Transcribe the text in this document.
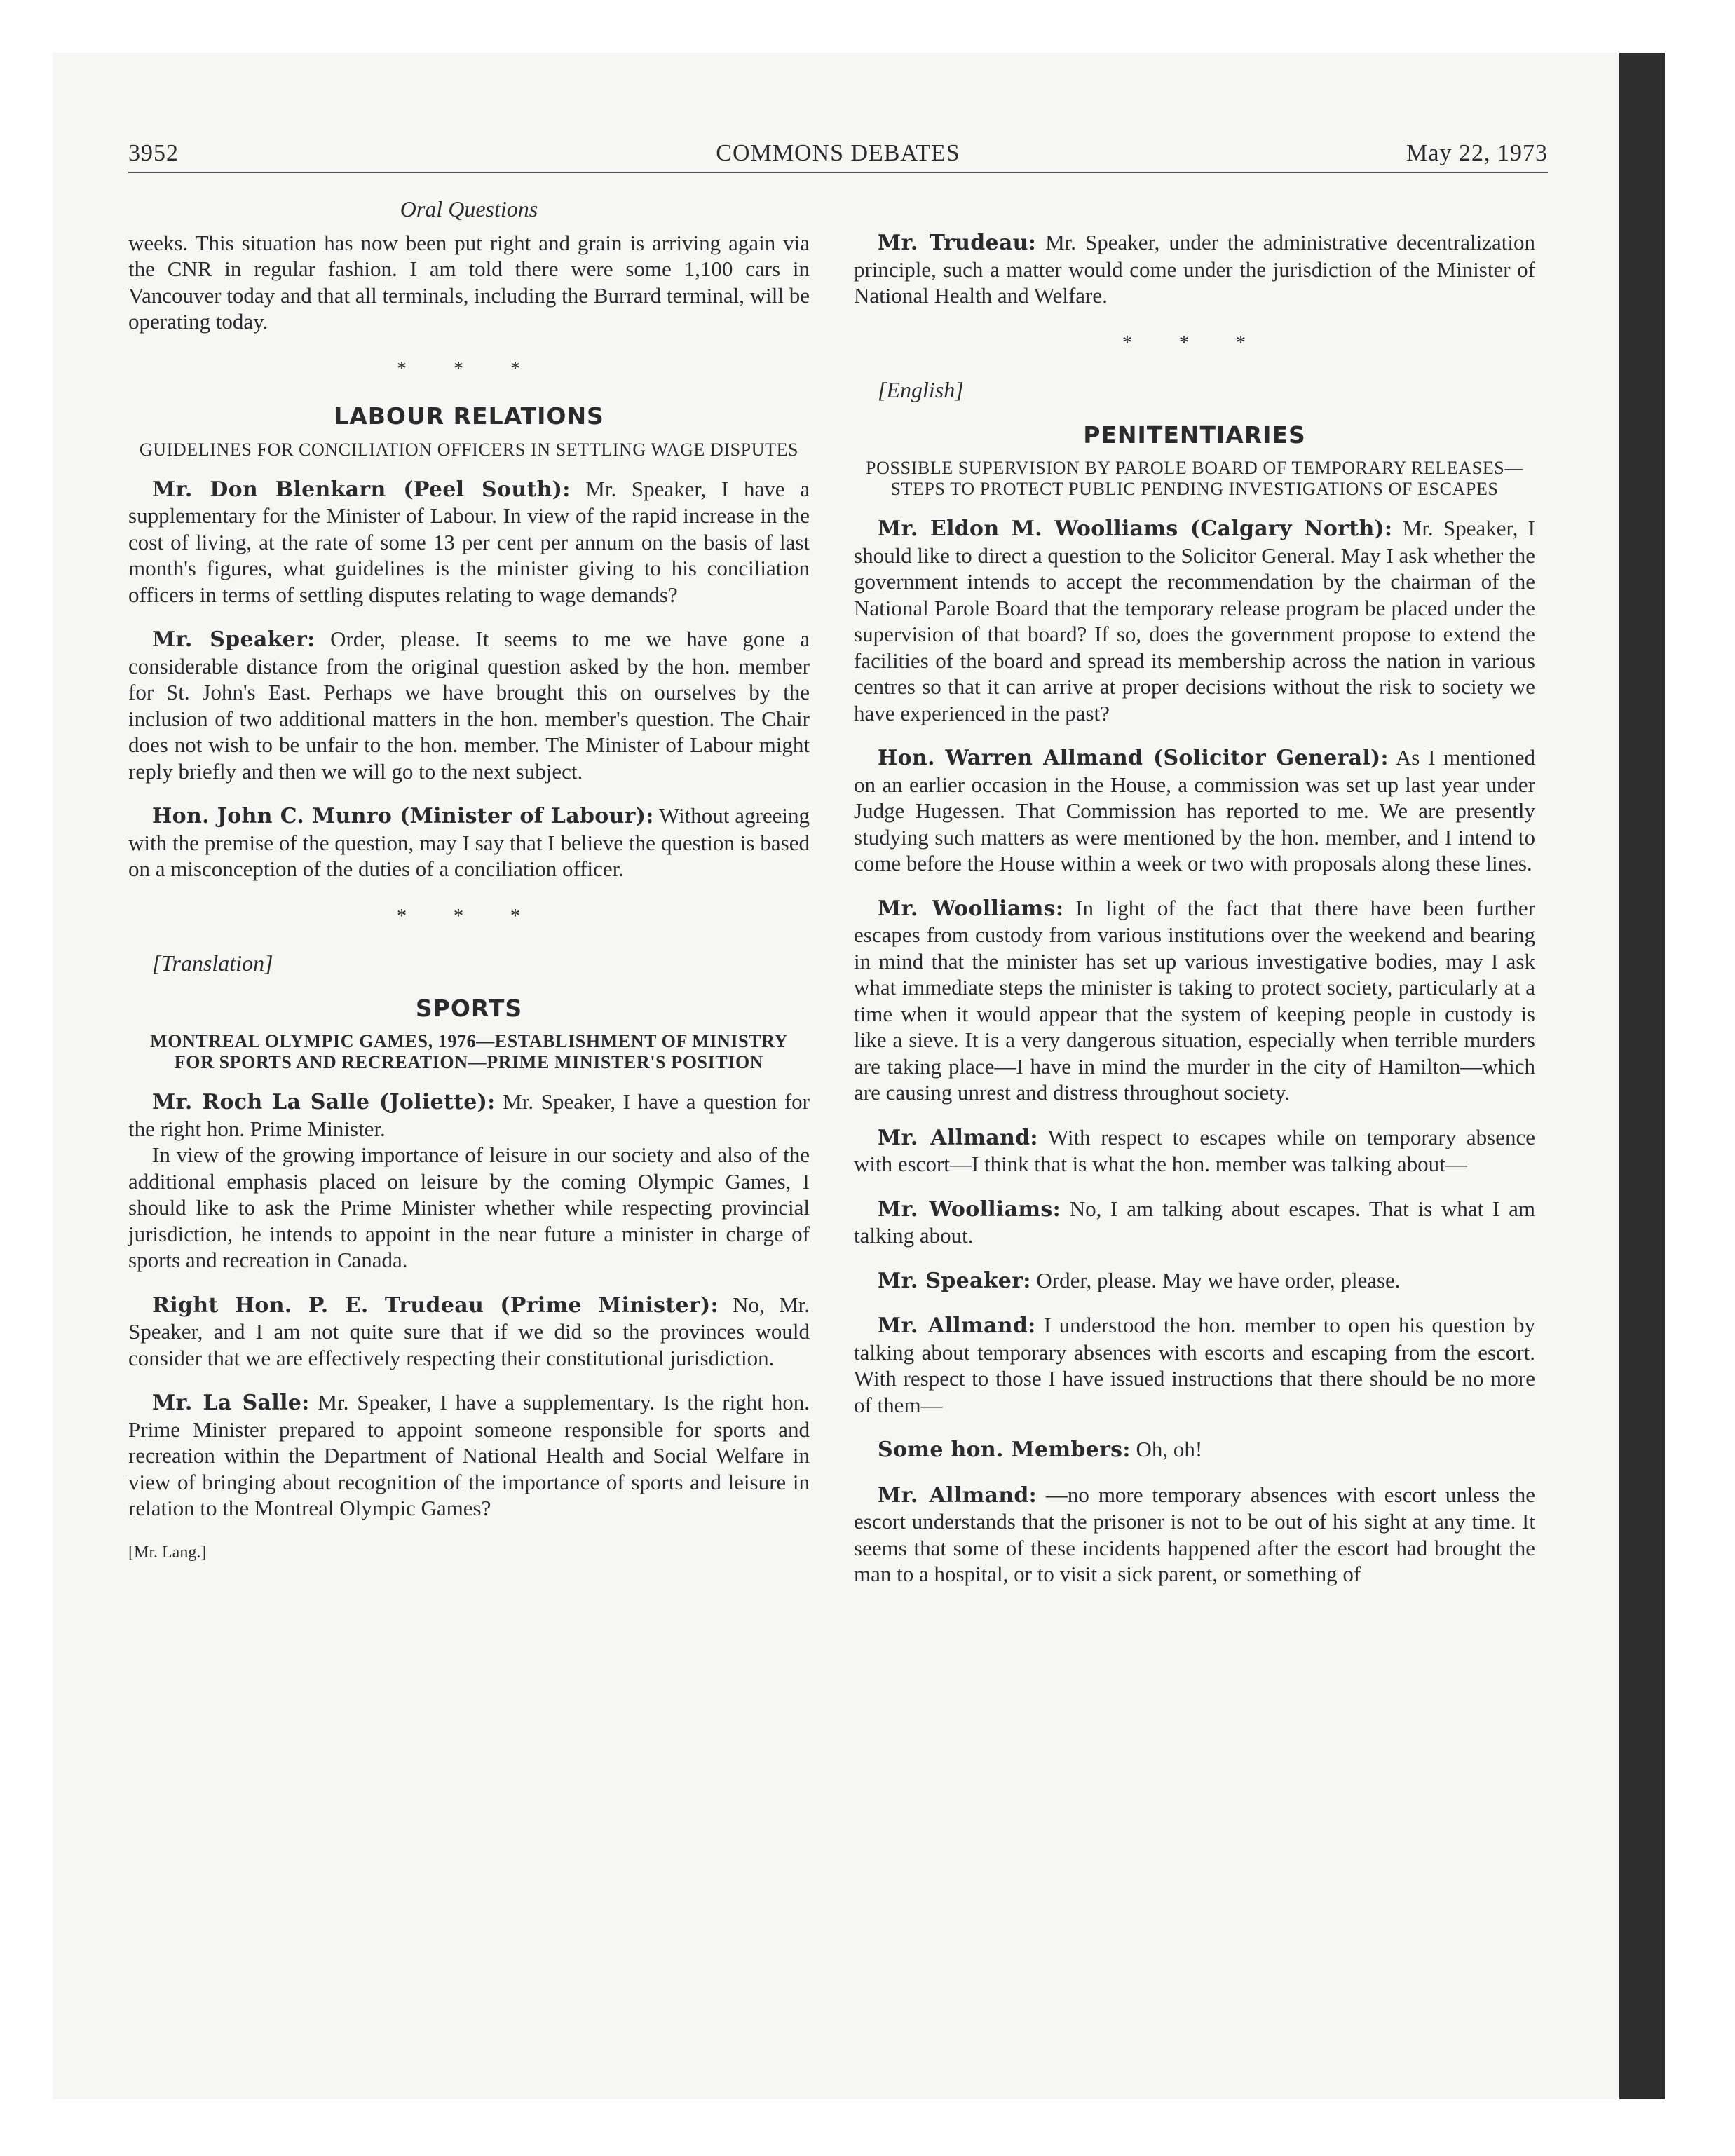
3952	COMMONS DEBATES	May 22, 1973
Oral Questions

weeks. This situation has now been put right and grain is arriving again via the CNR in regular fashion. I am told there were some 1,100 cars in Vancouver today and that all terminals, including the Burrard terminal, will be operating today.

* * *
LABOUR RELATIONS
GUIDELINES FOR CONCILIATION OFFICERS IN SETTLING WAGE DISPUTES

Mr. Don Blenkarn (Peel South): Mr. Speaker, I have a supplementary for the Minister of Labour. In view of the rapid increase in the cost of living, at the rate of some 13 per cent per annum on the basis of last month's figures, what guidelines is the minister giving to his conciliation officers in terms of settling disputes relating to wage demands?

Mr. Speaker: Order, please. It seems to me we have gone a considerable distance from the original question asked by the hon. member for St. John's East. Perhaps we have brought this on ourselves by the inclusion of two additional matters in the hon. member's question. The Chair does not wish to be unfair to the hon. member. The Minister of Labour might reply briefly and then we will go to the next subject.

Hon. John C. Munro (Minister of Labour): Without agreeing with the premise of the question, may I say that I believe the question is based on a misconception of the duties of a conciliation officer.

* * *

[Translation]

SPORTS
MONTREAL OLYMPIC GAMES, 1976—ESTABLISHMENT OF MINISTRY FOR SPORTS AND RECREATION—PRIME MINISTER'S POSITION

Mr. Roch La Salle (Joliette): Mr. Speaker, I have a question for the right hon. Prime Minister.

In view of the growing importance of leisure in our society and also of the additional emphasis placed on leisure by the coming Olympic Games, I should like to ask the Prime Minister whether while respecting provincial jurisdiction, he intends to appoint in the near future a minister in charge of sports and recreation in Canada.

Right Hon. P. E. Trudeau (Prime Minister): No, Mr. Speaker, and I am not quite sure that if we did so the provinces would consider that we are effectively respecting their constitutional jurisdiction.

Mr. La Salle: Mr. Speaker, I have a supplementary. Is the right hon. Prime Minister prepared to appoint someone responsible for sports and recreation within the Department of National Health and Social Welfare in view of bringing about recognition of the importance of sports and leisure in relation to the Montreal Olympic Games?

[Mr. Lang.]

Mr. Trudeau: Mr. Speaker, under the administrative decentralization principle, such a matter would come under the jurisdiction of the Minister of National Health and Welfare.

* * *

[English]

PENITENTIARIES
POSSIBLE SUPERVISION BY PAROLE BOARD OF TEMPORARY RELEASES—STEPS TO PROTECT PUBLIC PENDING INVESTIGATIONS OF ESCAPES

Mr. Eldon M. Woolliams (Calgary North): Mr. Speaker, I should like to direct a question to the Solicitor General. May I ask whether the government intends to accept the recommendation by the chairman of the National Parole Board that the temporary release program be placed under the supervision of that board? If so, does the government propose to extend the facilities of the board and spread its membership across the nation in various centres so that it can arrive at proper decisions without the risk to society we have experienced in the past?

Hon. Warren Allmand (Solicitor General): As I mentioned on an earlier occasion in the House, a commission was set up last year under Judge Hugessen. That Commission has reported to me. We are presently studying such matters as were mentioned by the hon. member, and I intend to come before the House within a week or two with proposals along these lines.

Mr. Woolliams: In light of the fact that there have been further escapes from custody from various institutions over the weekend and bearing in mind that the minister has set up various investigative bodies, may I ask what immediate steps the minister is taking to protect society, particularly at a time when it would appear that the system of keeping people in custody is like a sieve. It is a very dangerous situation, especially when terrible murders are taking place—I have in mind the murder in the city of Hamilton—which are causing unrest and distress throughout society.

Mr. Allmand: With respect to escapes while on temporary absence with escort—I think that is what the hon. member was talking about—

Mr. Woolliams: No, I am talking about escapes. That is what I am talking about.

Mr. Speaker: Order, please. May we have order, please.

Mr. Allmand: I understood the hon. member to open his question by talking about temporary absences with escorts and escaping from the escort. With respect to those I have issued instructions that there should be no more of them—

Some hon. Members: Oh, oh!

Mr. Allmand: —no more temporary absences with escort unless the escort understands that the prisoner is not to be out of his sight at any time. It seems that some of these incidents happened after the escort had brought the man to a hospital, or to visit a sick parent, or something of
